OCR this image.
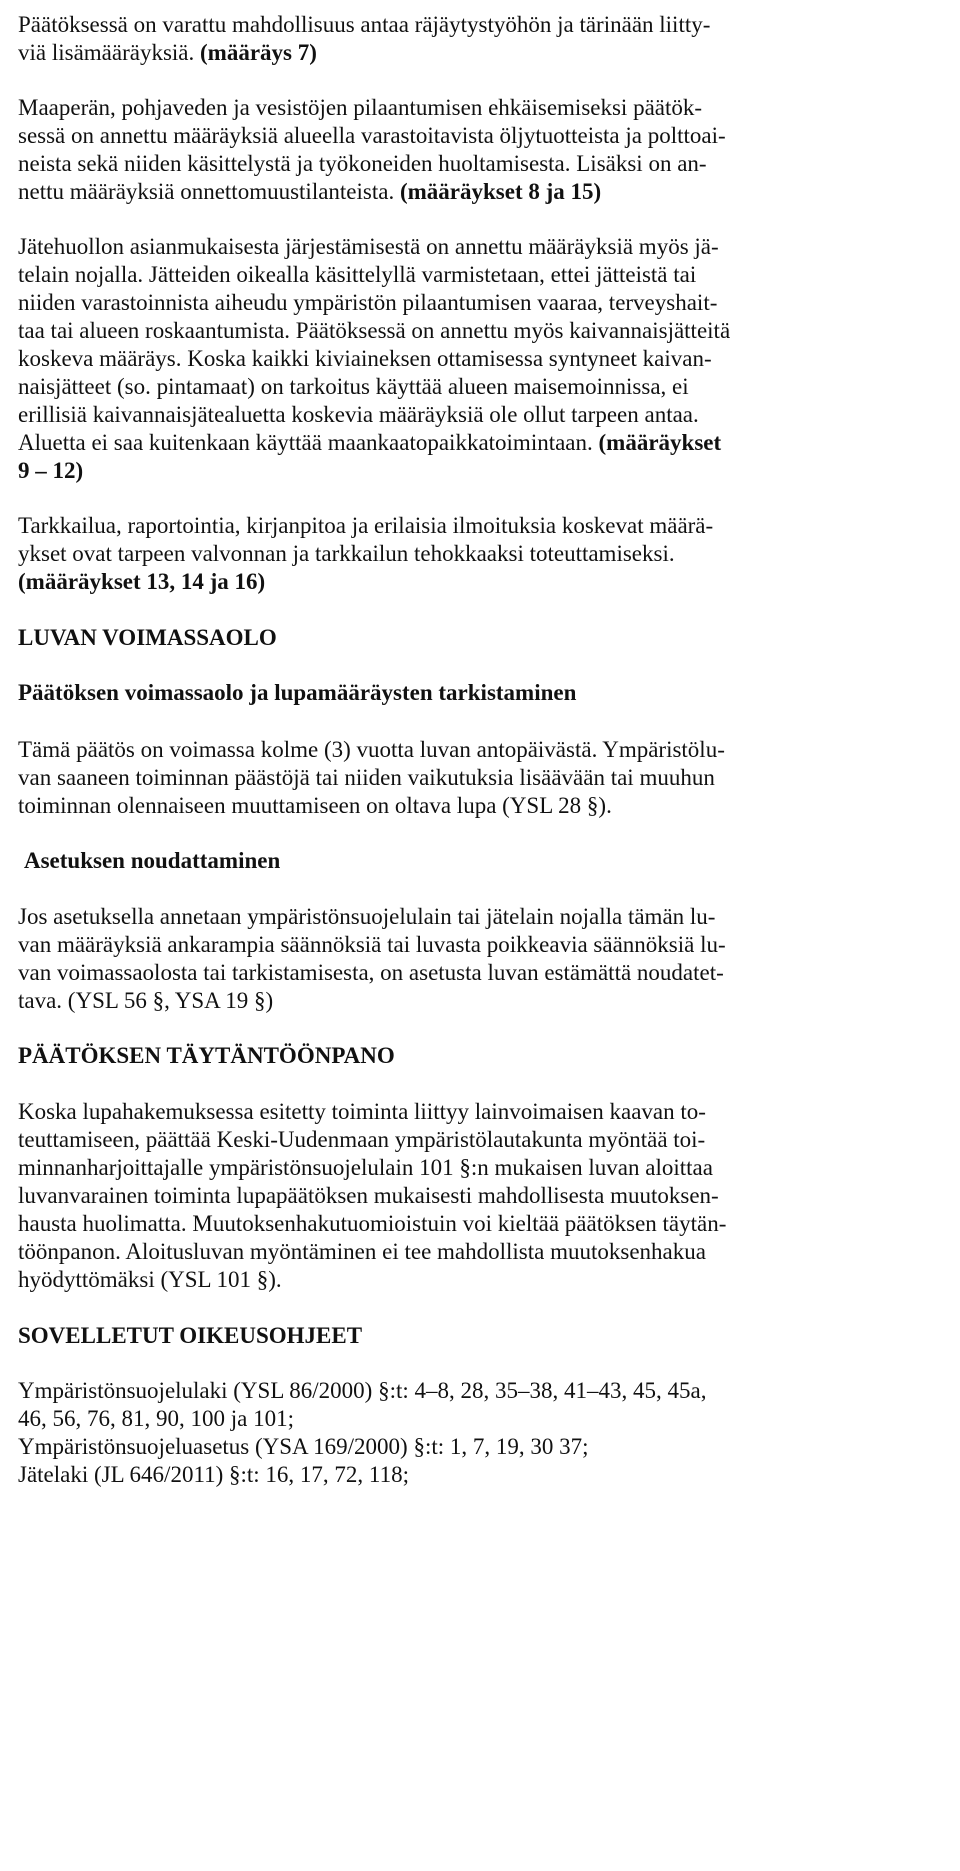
Päätöksessä on varattu mahdollisuus antaa räjäytystyöhön ja tärinään liitty-
viä lisämääräyksiä. (määräys 7)
Maaperän, pohjaveden ja vesistöjen pilaantumisen ehkäisemiseksi päätök-
sessä on annettu määräyksiä alueella varastoitavista öljytuotteista ja polttoai-
neista sekä niiden käsittelystä ja työkoneiden huoltamisesta. Lisäksi on an-
nettu määräyksiä onnettomuustilanteista. (määräykset 8 ja 15)
Jätehuollon asianmukaisesta järjestämisestä on annettu määräyksiä myös jä-
telain nojalla. Jätteiden oikealla käsittelyllä varmistetaan, ettei jätteistä tai
niiden varastoinnista aiheudu ympäristön pilaantumisen vaaraa, terveyshait-
taa tai alueen roskaantumista. Päätöksessä on annettu myös kaivannaisjätteitä
koskeva määräys. Koska kaikki kiviaineksen ottamisessa syntyneet kaivan-
naisjätteet (so. pintamaat) on tarkoitus käyttää alueen maisemoinnissa, ei
erillisiä kaivannaisjätealuetta koskevia määräyksiä ole ollut tarpeen antaa.
Aluetta ei saa kuitenkaan käyttää maankaatopaikkatoimintaan. (määräykset
9 – 12)
Tarkkailua, raportointia, kirjanpitoa ja erilaisia ilmoituksia koskevat määrä-
ykset ovat tarpeen valvonnan ja tarkkailun tehokkaaksi toteuttamiseksi.
(määräykset 13, 14 ja 16)
LUVAN VOIMASSAOLO
Päätöksen voimassaolo ja lupamääräysten tarkistaminen
Tämä päätös on voimassa kolme (3) vuotta luvan antopäivästä. Ympäristölu-
van saaneen toiminnan päästöjä tai niiden vaikutuksia lisäävään tai muuhun
toiminnan olennaiseen muuttamiseen on oltava lupa (YSL 28 §).
Asetuksen noudattaminen
Jos asetuksella annetaan ympäristönsuojelulain tai jätelain nojalla tämän lu-
van määräyksiä ankarampia säännöksiä tai luvasta poikkeavia säännöksiä lu-
van voimassaolosta tai tarkistamisesta, on asetusta luvan estämättä noudatet-
tava. (YSL 56 §, YSA 19 §)
PÄÄTÖKSEN TÄYTÄNTÖÖNPANO
Koska lupahakemuksessa esitetty toiminta liittyy lainvoimaisen kaavan to-
teuttamiseen, päättää Keski-Uudenmaan ympäristölautakunta myöntää toi-
minnanharjoittajalle ympäristönsuojelulain 101 §:n mukaisen luvan aloittaa
luvanvarainen toiminta lupapäätöksen mukaisesti mahdollisesta muutoksen-
hausta huolimatta. Muutoksenhakutuomioistuin voi kieltää päätöksen täytän-
töönpanon. Aloitusluvan myöntäminen ei tee mahdollista muutoksenhakua
hyödyttömäksi (YSL 101 §).
SOVELLETUT OIKEUSOHJEET
Ympäristönsuojelulaki (YSL 86/2000) §:t: 4–8, 28, 35–38, 41–43, 45, 45a,
46, 56, 76, 81, 90, 100 ja 101;
Ympäristönsuojeluasetus (YSA 169/2000) §:t: 1, 7, 19, 30 37;
Jätelaki (JL 646/2011) §:t: 16, 17, 72, 118;
